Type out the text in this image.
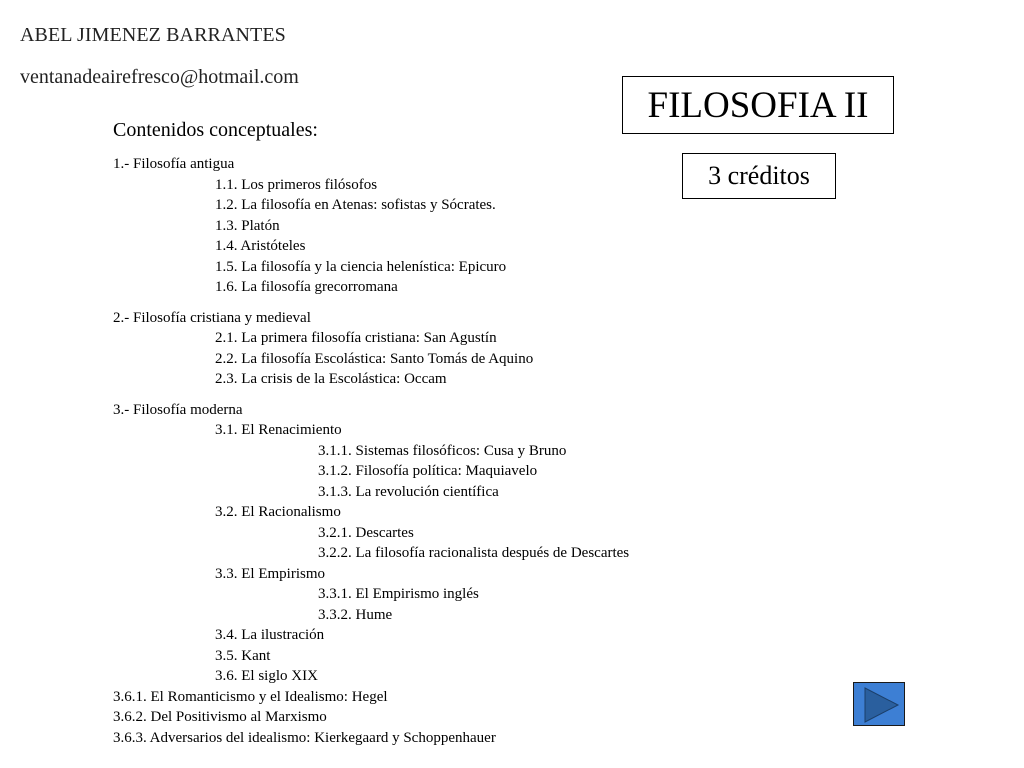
ABEL JIMENEZ BARRANTES
ventanadeairefresco@hotmail.com
FILOSOFIA II
3 créditos
Contenidos conceptuales:
1.- Filosofía antigua
1.1. Los primeros filósofos
1.2. La filosofía en Atenas: sofistas y Sócrates.
1.3. Platón
1.4. Aristóteles
1.5. La filosofía y la ciencia helenística: Epicuro
1.6. La filosofía grecorromana
2.- Filosofía cristiana y medieval
2.1. La primera filosofía cristiana: San Agustín
2.2. La filosofía Escolástica: Santo Tomás de Aquino
2.3. La crisis de la Escolástica: Occam
3.- Filosofía moderna
3.1. El Renacimiento
3.1.1. Sistemas filosóficos: Cusa y Bruno
3.1.2. Filosofía política: Maquiavelo
3.1.3. La revolución científica
3.2. El Racionalismo
3.2.1. Descartes
3.2.2. La filosofía racionalista después de Descartes
3.3. El Empirismo
3.3.1. El Empirismo inglés
3.3.2. Hume
3.4. La ilustración
3.5. Kant
3.6. El siglo XIX
3.6.1. El Romanticismo y el Idealismo: Hegel
3.6.2. Del Positivismo al Marxismo
3.6.3. Adversarios del idealismo: Kierkegaard y Schoppenhauer
